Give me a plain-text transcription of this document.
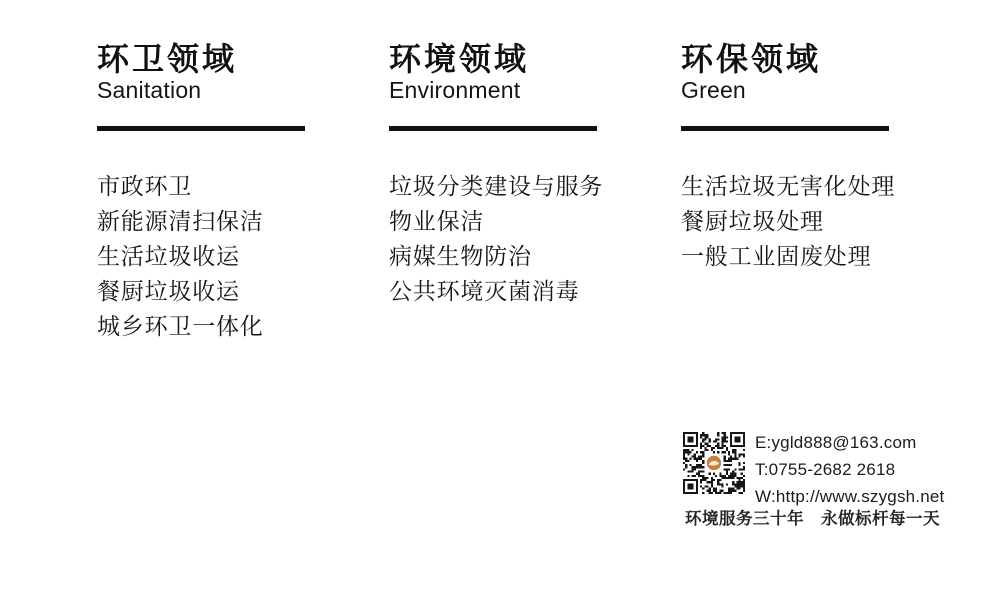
环卫领域
Sanitation
市政环卫
新能源清扫保洁
生活垃圾收运
餐厨垃圾收运
城乡环卫一体化
环境领域
Environment
垃圾分类建设与服务
物业保洁
病媒生物防治
公共环境灭菌消毒
环保领域
Green
生活垃圾无害化处理
餐厨垃圾处理
一般工业固废处理
E:ygld888@163.com
T:0755-2682 2618
W:http://www.szygsh.net
环境服务三十年 永做标杆每一天
